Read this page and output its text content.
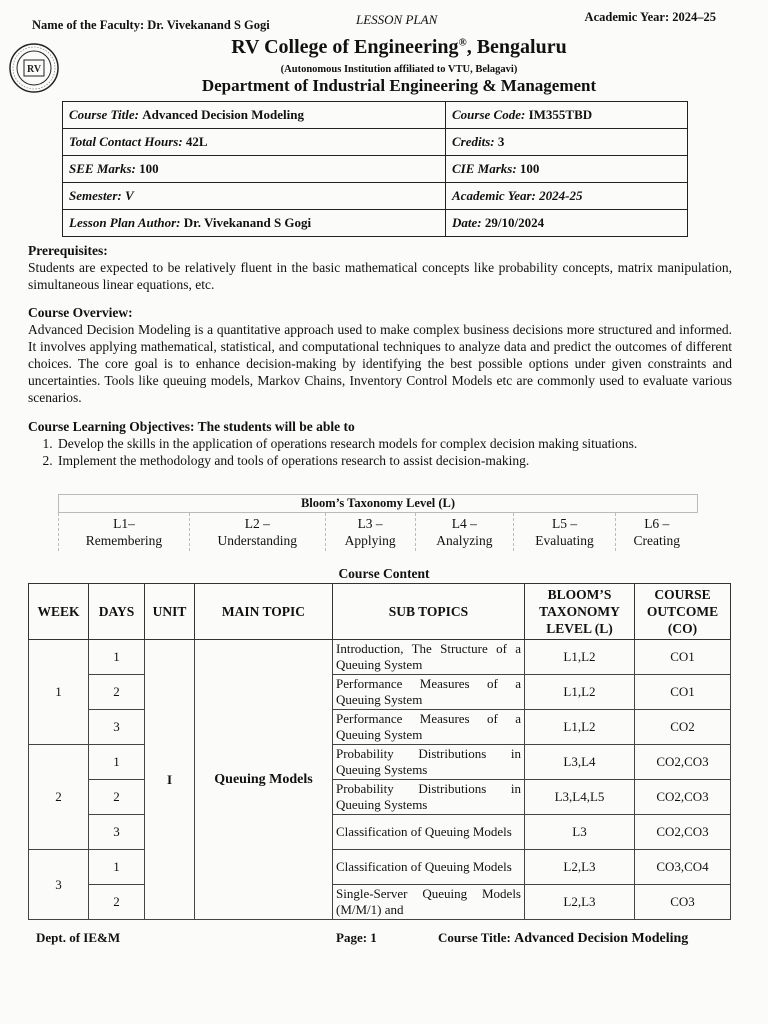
Name of the Faculty: Dr. Vivekanand S Gogi	LESSON PLAN	Academic Year: 2024–25
RV
RV College of Engineering®, Bengaluru
(Autonomous Institution affiliated to VTU, Belagavi)
Department of Industrial Engineering & Management
Course Title: Advanced Decision Modeling	Course Code: IM355TBD
Total Contact Hours: 42L	Credits: 3
SEE Marks: 100	CIE Marks: 100
Semester: V	Academic Year: 2024-25
Lesson Plan Author: Dr. Vivekanand S Gogi	Date: 29/10/2024
Prerequisites:

Students are expected to be relatively fluent in the basic mathematical concepts like probability concepts, matrix manipulation, simultaneous linear equations, etc.

Course Overview:

Advanced Decision Modeling is a quantitative approach used to make complex business decisions more structured and informed. It involves applying mathematical, statistical, and computational techniques to analyze data and predict the outcomes of different choices. The core goal is to enhance decision-making by identifying the best possible options under given constraints and uncertainties. Tools like queuing models, Markov Chains, Inventory Control Models etc are commonly used to evaluate various scenarios.

Course Learning Objectives: The students will be able to
1. Develop the skills in the application of operations research models for complex decision making situations.
2. Implement the methodology and tools of operations research to assist decision-making.
Bloom’s Taxonomy Level (L)

L1–
Remembering

L2 –
Understanding

L3 –
Applying

L4 –
Analyzing

L5 –
Evaluating

L6 –
Creating
Course Content
WEEK	DAYS	UNIT	MAIN TOPIC	SUB TOPICS	BLOOM’S TAXONOMY LEVEL (L)	COURSE OUTCOME (CO)
1	1	I	Queuing Models	Introduction, The Structure of a Queuing System	L1,L2	CO1
	2			Performance Measures of a Queuing System	L1,L2	CO1
	3			Performance Measures of a Queuing System	L1,L2	CO2
2	1			Probability Distributions in Queuing Systems	L3,L4	CO2,CO3
	2			Probability Distributions in Queuing Systems	L3,L4,L5	CO2,CO3
	3			Classification of Queuing Models	L3	CO2,CO3
3	1			Classification of Queuing Models	L2,L3	CO3,CO4
	2			Single-Server Queuing Models (M/M/1) and	L2,L3	CO3
Dept. of IE&M	Page: 1	Course Title: Advanced Decision Modeling
